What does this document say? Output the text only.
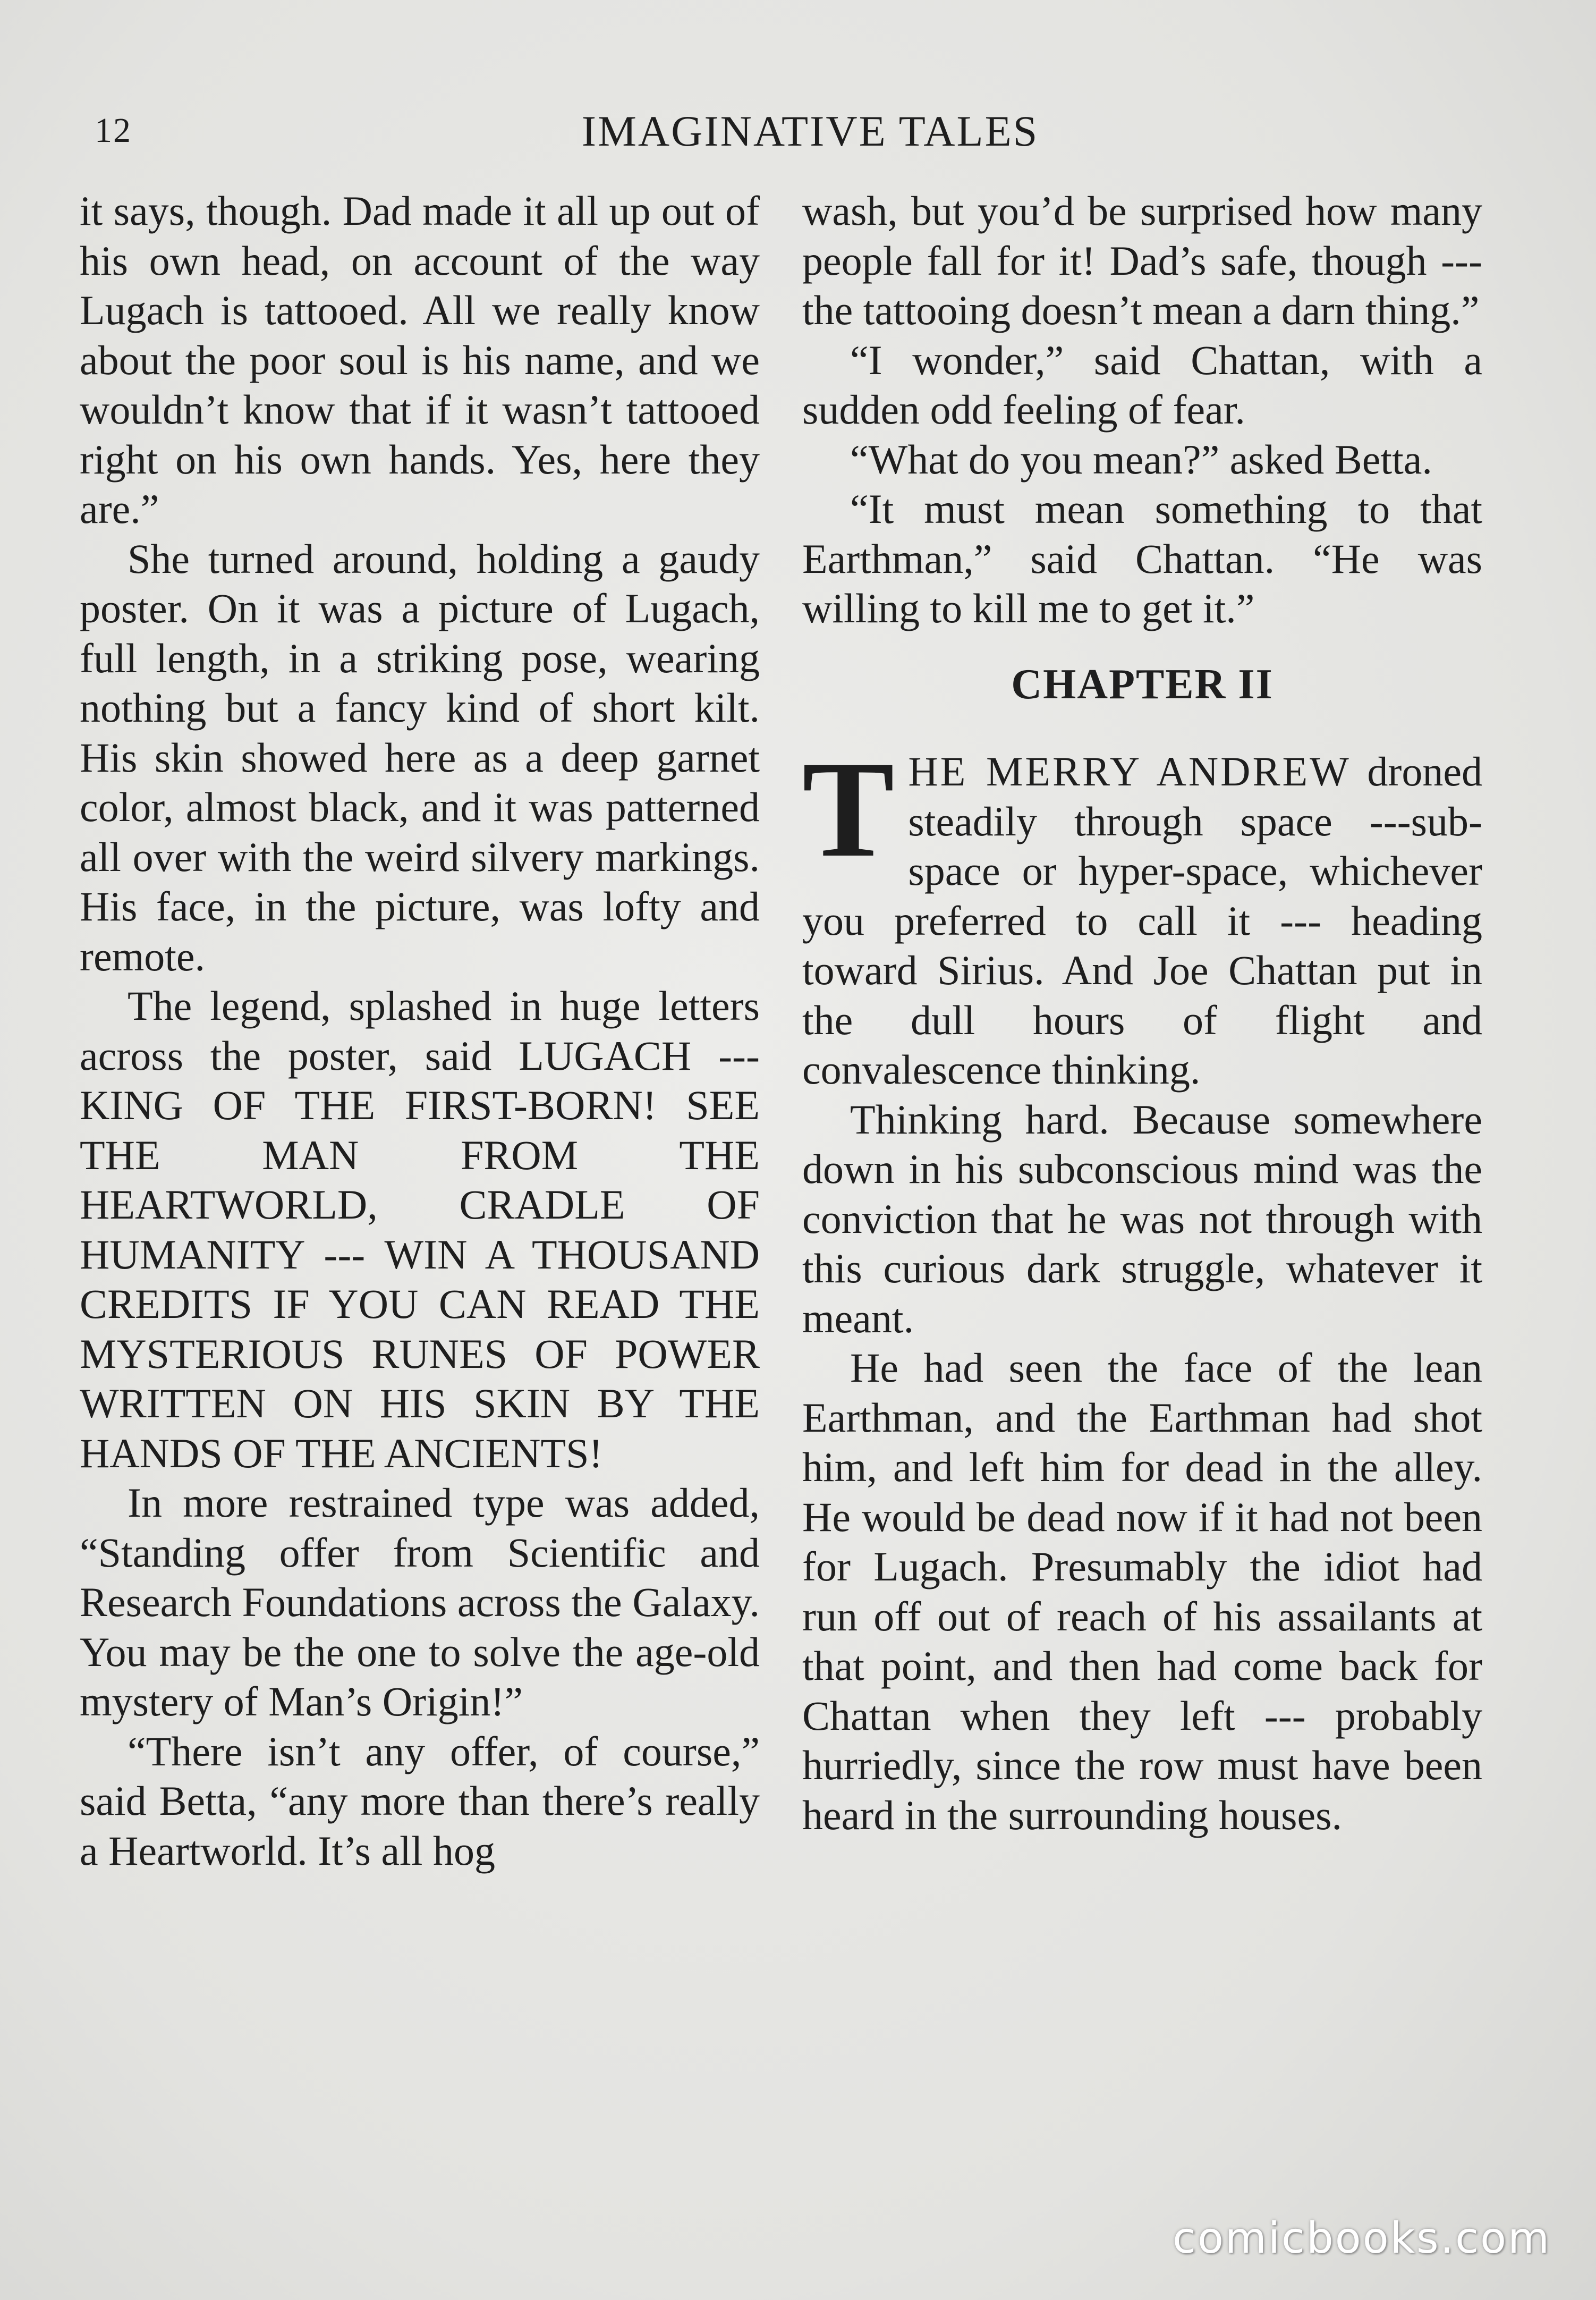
12	IMAGINATIVE TALES

it says, though. Dad made it all up out of his own head, on account of the way Lugach is tattooed. All we really know about the poor soul is his name, and we wouldn’t know that if it wasn’t tattooed right on his own hands. Yes, here they are.”

She turned around, holding a gaudy poster. On it was a picture of Lugach, full length, in a striking pose, wearing nothing but a fancy kind of short kilt. His skin showed here as a deep garnet color, almost black, and it was patterned all over with the weird silvery markings. His face, in the picture, was lofty and remote.

The legend, splashed in huge letters across the poster, said LUGACH --- KING OF THE FIRST-BORN! SEE THE MAN FROM THE HEARTWORLD, CRADLE OF HUMANITY --- WIN A THOUSAND CREDITS IF YOU CAN READ THE MYSTERIOUS RUNES OF POWER WRITTEN ON HIS SKIN BY THE HANDS OF THE ANCIENTS!

In more restrained type was added, “Standing offer from Scientific and Research Foundations across the Galaxy. You may be the one to solve the age-old mystery of Man’s Origin!”

“There isn’t any offer, of course,” said Betta, “any more than there’s really a Heartworld. It’s all hog

wash, but you’d be surprised how many people fall for it! Dad’s safe, though --- the tattooing doesn’t mean a darn thing.”

“I wonder,” said Chattan, with a sudden odd feeling of fear.

“What do you mean?” asked Betta.

“It must mean something to that Earthman,” said Chattan. “He was willing to kill me to get it.”

CHAPTER II

THE MERRY ANDREW droned steadily through space ---sub-space or hyper-space, whichever you preferred to call it --- heading toward Sirius. And Joe Chattan put in the dull hours of flight and convalescence thinking.

Thinking hard. Because somewhere down in his subconscious mind was the conviction that he was not through with this curious dark struggle, whatever it meant.

He had seen the face of the lean Earthman, and the Earthman had shot him, and left him for dead in the alley. He would be dead now if it had not been for Lugach. Presumably the idiot had run off out of reach of his assailants at that point, and then had come back for Chattan when they left --- probably hurriedly, since the row must have been heard in the surrounding houses.

comicbooks.com
